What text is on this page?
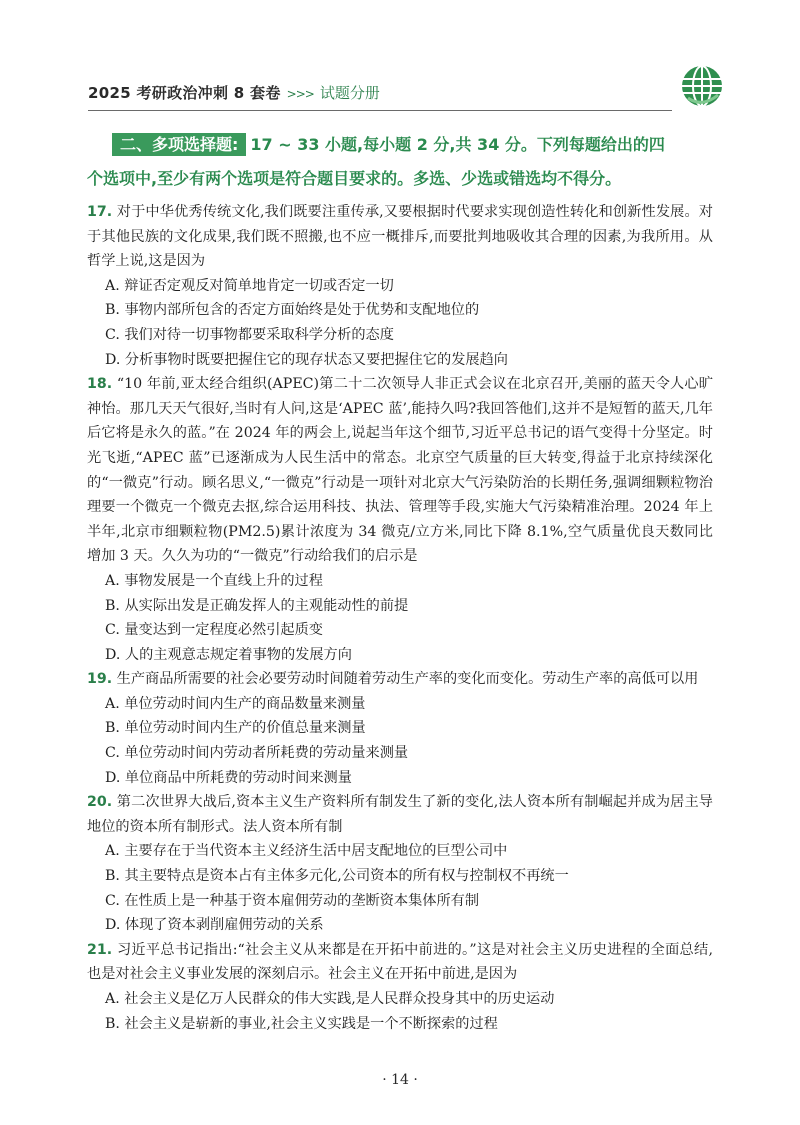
2025 考研政治冲刺 8 套卷 >>> 试题分册
二、多项选择题: 17 ~ 33 小题,每小题 2 分,共 34 分。下列每题给出的四
个选项中,至少有两个选项是符合题目要求的。多选、少选或错选均不得分。
17. 对于中华优秀传统文化,我们既要注重传承,又要根据时代要求实现创造性转化和创新性发展。对于其他民族的文化成果,我们既不照搬,也不应一概排斥,而要批判地吸收其合理的因素,为我所用。从哲学上说,这是因为
A. 辩证否定观反对简单地肯定一切或否定一切
B. 事物内部所包含的否定方面始终是处于优势和支配地位的
C. 我们对待一切事物都要采取科学分析的态度
D. 分析事物时既要把握住它的现存状态又要把握住它的发展趋向
18. “10 年前,亚太经合组织(APEC)第二十二次领导人非正式会议在北京召开,美丽的蓝天令人心旷神怡。那几天天气很好,当时有人问,这是‘APEC 蓝’,能持久吗?我回答他们,这并不是短暂的蓝天,几年后它将是永久的蓝。”在 2024 年的两会上,说起当年这个细节,习近平总书记的语气变得十分坚定。时光飞逝,“APEC 蓝”已逐渐成为人民生活中的常态。北京空气质量的巨大转变,得益于北京持续深化的“一微克”行动。顾名思义,“一微克”行动是一项针对北京大气污染防治的长期任务,强调细颗粒物治理要一个微克一个微克去抠,综合运用科技、执法、管理等手段,实施大气污染精准治理。2024 年上半年,北京市细颗粒物(PM2.5)累计浓度为 34 微克/立方米,同比下降 8.1%,空气质量优良天数同比增加 3 天。久久为功的“一微克”行动给我们的启示是
A. 事物发展是一个直线上升的过程
B. 从实际出发是正确发挥人的主观能动性的前提
C. 量变达到一定程度必然引起质变
D. 人的主观意志规定着事物的发展方向
19. 生产商品所需要的社会必要劳动时间随着劳动生产率的变化而变化。劳动生产率的高低可以用
A. 单位劳动时间内生产的商品数量来测量
B. 单位劳动时间内生产的价值总量来测量
C. 单位劳动时间内劳动者所耗费的劳动量来测量
D. 单位商品中所耗费的劳动时间来测量
20. 第二次世界大战后,资本主义生产资料所有制发生了新的变化,法人资本所有制崛起并成为居主导地位的资本所有制形式。法人资本所有制
A. 主要存在于当代资本主义经济生活中居支配地位的巨型公司中
B. 其主要特点是资本占有主体多元化,公司资本的所有权与控制权不再统一
C. 在性质上是一种基于资本雇佣劳动的垄断资本集体所有制
D. 体现了资本剥削雇佣劳动的关系
21. 习近平总书记指出:“社会主义从来都是在开拓中前进的。”这是对社会主义历史进程的全面总结,也是对社会主义事业发展的深刻启示。社会主义在开拓中前进,是因为
A. 社会主义是亿万人民群众的伟大实践,是人民群众投身其中的历史运动
B. 社会主义是崭新的事业,社会主义实践是一个不断探索的过程
· 14 ·
